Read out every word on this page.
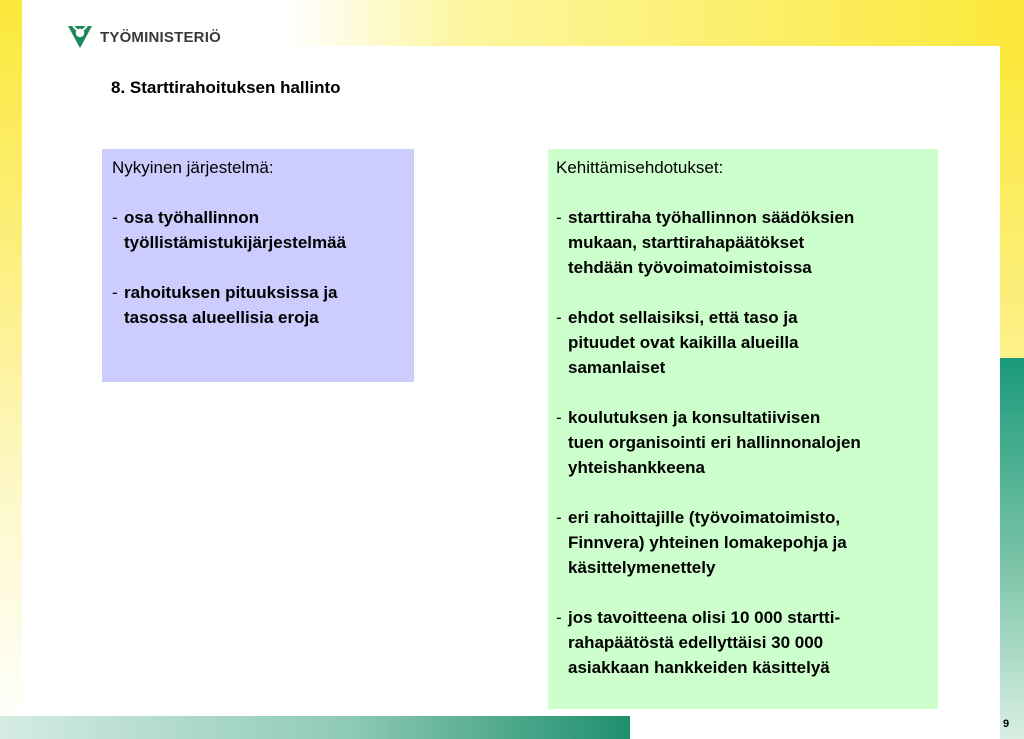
TYÖMINISTERIÖ
8. Starttirahoituksen hallinto
Nykyinen järjestelmä:
- osa työhallinnon
työllistämistukijärjestelmää
- rahoituksen pituuksissa ja
tasossa alueellisia eroja
Kehittämisehdotukset:
- starttiraha työhallinnon säädöksien
mukaan, starttirahapäätökset
tehdään työvoimatoimistoissa
- ehdot sellaisiksi, että taso ja
pituudet ovat kaikilla alueilla
samanlaiset
- koulutuksen ja konsultatiivisen
tuen organisointi eri hallinnonalojen
yhteishankkeena
- eri rahoittajille (työvoimatoimisto,
Finnvera) yhteinen lomakepohja ja
käsittelymenettely
- jos tavoitteena olisi 10 000 startti-
rahapäätöstä edellyttäisi 30 000
asiakkaan hankkeiden käsittelyä
9
